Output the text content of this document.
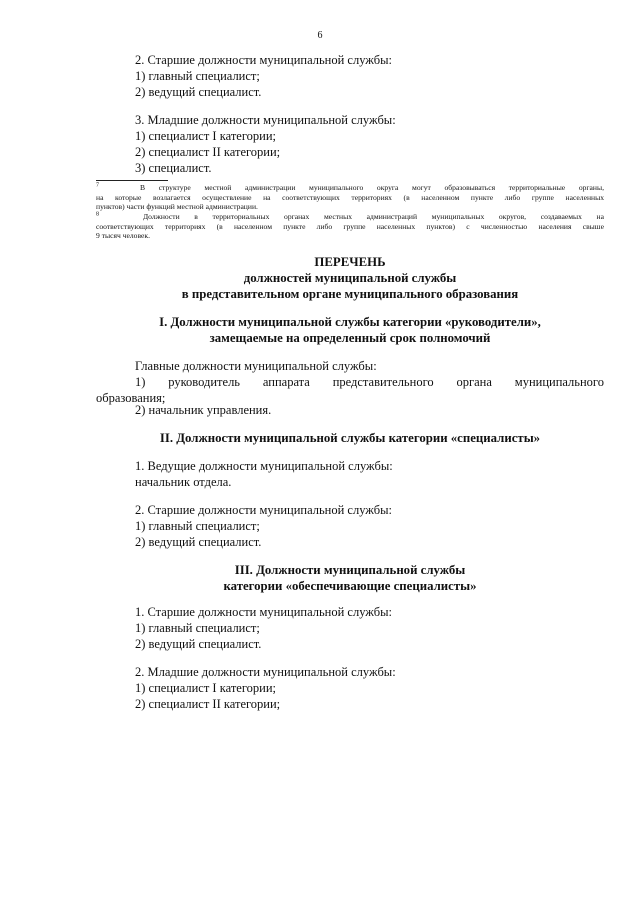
6
2. Старшие должности муниципальной службы:
1) главный специалист;
2) ведущий специалист.
3. Младшие должности муниципальной службы:
1) специалист I категории;
2) специалист II категории;
3) специалист.
$^7$	В структуре местной администрации муниципального округа могут образовываться территориальные органы,
на которые возлагается осуществление на соответствующих территориях (в населенном пункте либо группе населенных
пунктов) части функций местной администрации.
$^8$	Должности в территориальных органах местных администраций муниципальных округов, создаваемых на
соответствующих территориях (в населенном пункте либо группе населенных пунктов) с численностью населения свыше
9 тысяч человек.
ПЕРЕЧЕНЬ
должностей муниципальной службы
в представительном органе муниципального образования
I. Должности муниципальной службы категории «руководители»,
замещаемые на определенный срок полномочий
Главные должности муниципальной службы:
1) руководитель аппарата представительного органа муниципального
образования;
2) начальник управления.
II. Должности муниципальной службы категории «специалисты»
1. Ведущие должности муниципальной службы:
начальник отдела.
2. Старшие должности муниципальной службы:
1) главный специалист;
2) ведущий специалист.
III. Должности муниципальной службы
категории «обеспечивающие специалисты»
1. Старшие должности муниципальной службы:
1) главный специалист;
2) ведущий специалист.
2. Младшие должности муниципальной службы:
1) специалист I категории;
2) специалист II категории;
